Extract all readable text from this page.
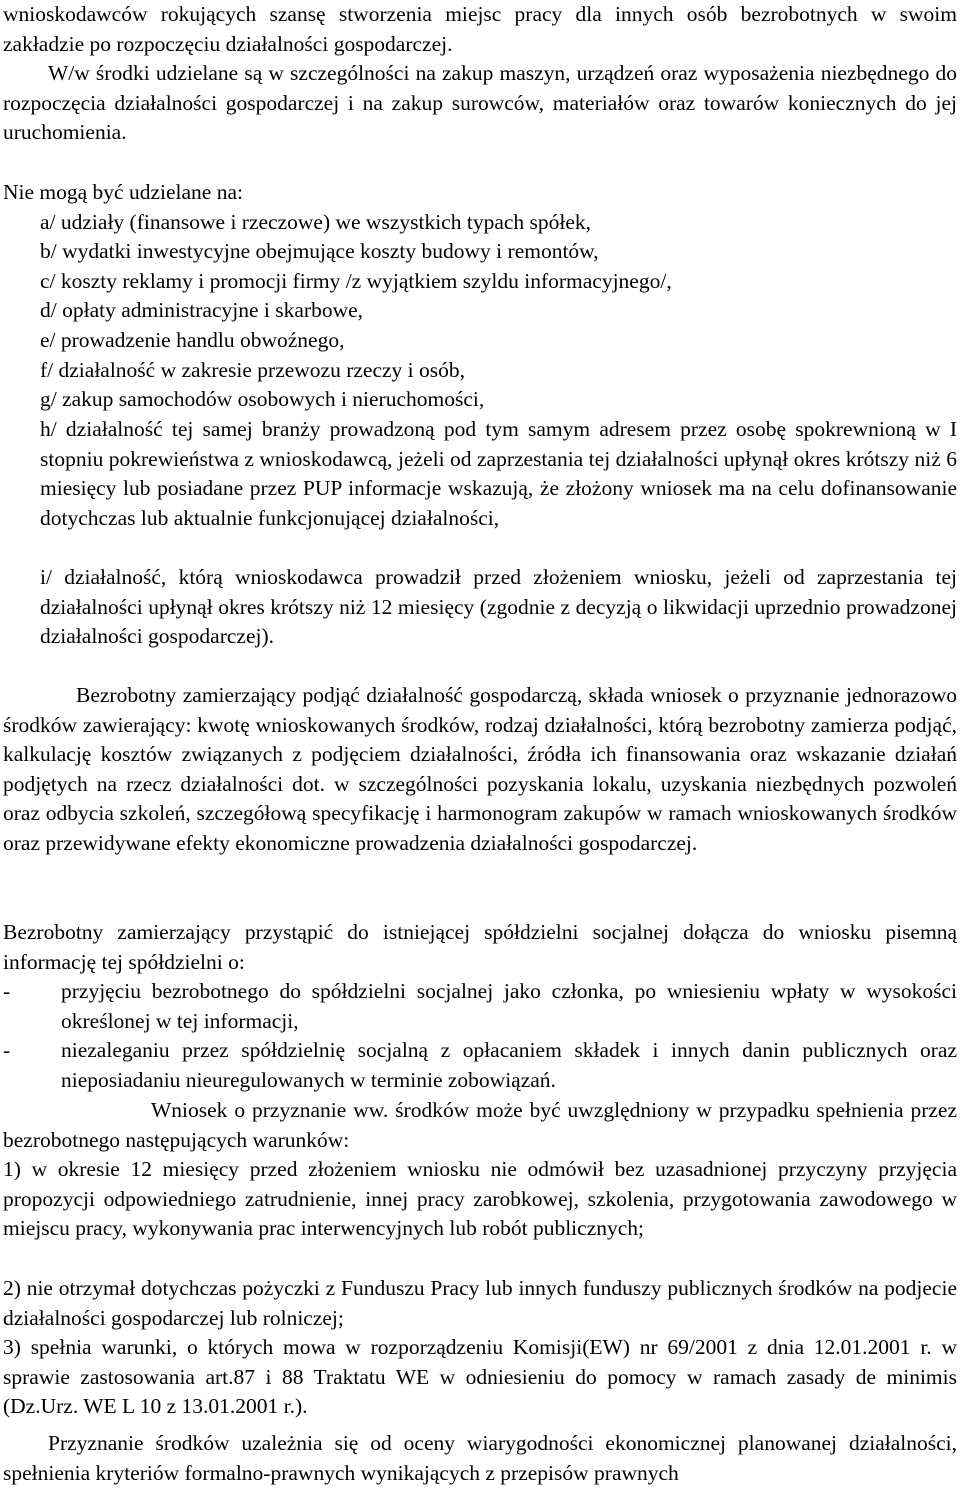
wnioskodawców rokujących szansę stworzenia miejsc pracy dla innych osób bezrobotnych w swoim zakładzie po rozpoczęciu działalności gospodarczej.

W/w środki udzielane są w szczególności na zakup maszyn, urządzeń oraz wyposażenia niezbędnego do rozpoczęcia działalności gospodarczej i na zakup surowców, materiałów oraz towarów koniecznych do jej uruchomienia.

Nie mogą być udzielane na:

a/ udziały (finansowe i rzeczowe) we wszystkich typach spółek,

b/ wydatki inwestycyjne obejmujące koszty budowy i remontów,

c/ koszty reklamy i promocji firmy /z wyjątkiem szyldu informacyjnego/,

d/ opłaty administracyjne i skarbowe,

e/ prowadzenie handlu obwoźnego,

f/ działalność w zakresie przewozu rzeczy i osób,

g/ zakup samochodów osobowych i nieruchomości,

h/ działalność tej samej branży prowadzoną pod tym samym adresem przez osobę spokrewnioną w I stopniu pokrewieństwa z wnioskodawcą, jeżeli od zaprzestania tej działalności upłynął okres krótszy niż 6 miesięcy lub posiadane przez PUP informacje wskazują, że złożony wniosek ma na celu dofinansowanie dotychczas lub aktualnie funkcjonującej działalności,

i/ działalność, którą wnioskodawca prowadził przed złożeniem wniosku, jeżeli od zaprzestania tej działalności upłynął okres krótszy niż 12 miesięcy (zgodnie z decyzją o likwidacji uprzednio prowadzonej działalności gospodarczej).

Bezrobotny zamierzający podjąć działalność gospodarczą, składa wniosek o przyznanie jednorazowo środków zawierający: kwotę wnioskowanych środków, rodzaj działalności, którą bezrobotny zamierza podjąć, kalkulację kosztów związanych z podjęciem działalności, źródła ich finansowania oraz wskazanie działań podjętych na rzecz działalności dot. w szczególności pozyskania lokalu, uzyskania niezbędnych pozwoleń oraz odbycia szkoleń, szczegółową specyfikację i harmonogram zakupów w ramach wnioskowanych środków oraz przewidywane efekty ekonomiczne prowadzenia działalności gospodarczej.

Bezrobotny zamierzający przystąpić do istniejącej spółdzielni socjalnej dołącza do wniosku pisemną informację tej spółdzielni o:

-	przyjęciu bezrobotnego do spółdzielni socjalnej jako członka, po wniesieniu wpłaty w wysokości określonej w tej informacji,
-	niezaleganiu przez spółdzielnię socjalną z opłacaniem składek i innych danin publicznych oraz nieposiadaniu nieuregulowanych w terminie zobowiązań.

Wniosek o przyznanie ww. środków może być uwzględniony w przypadku spełnienia przez bezrobotnego następujących warunków:

1) w okresie 12 miesięcy przed złożeniem wniosku nie odmówił bez uzasadnionej przyczyny przyjęcia propozycji odpowiedniego zatrudnienie, innej pracy zarobkowej, szkolenia, przygotowania zawodowego w miejscu pracy, wykonywania prac interwencyjnych lub robót publicznych;

2) nie otrzymał dotychczas pożyczki z Funduszu Pracy lub innych funduszy publicznych środków na podjecie działalności gospodarczej lub rolniczej;

3) spełnia warunki, o których mowa w rozporządzeniu Komisji(EW) nr 69/2001 z dnia 12.01.2001 r. w sprawie zastosowania art.87 i 88 Traktatu WE w odniesieniu do pomocy w ramach zasady de minimis (Dz.Urz. WE L 10 z 13.01.2001 r.).

Przyznanie środków uzależnia się od oceny wiarygodności ekonomicznej planowanej działalności, spełnienia kryteriów formalno-prawnych wynikających z przepisów prawnych
